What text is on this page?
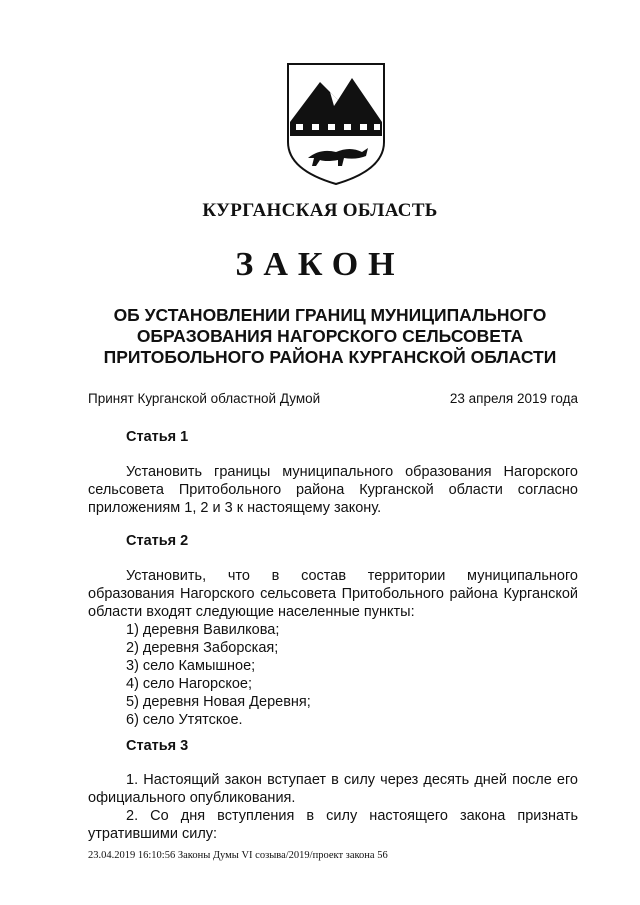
КУРГАНСКАЯ ОБЛАСТЬ
ЗАКОН
ОБ УСТАНОВЛЕНИИ ГРАНИЦ МУНИЦИПАЛЬНОГО
ОБРАЗОВАНИЯ НАГОРСКОГО СЕЛЬСОВЕТА
ПРИТОБОЛЬНОГО РАЙОНА КУРГАНСКОЙ ОБЛАСТИ
Принят Курганской областной Думой	23 апреля 2019 года
Статья 1
Установить границы муниципального образования Нагорского сельсовета Притобольного района Курганской области согласно приложениям 1, 2 и 3 к настоящему закону.
Статья 2
Установить, что в состав территории муниципального образования Нагорского сельсовета Притобольного района Курганской области входят следующие населенные пункты:
1) деревня Вавилкова;
2) деревня Заборская;
3) село Камышное;
4) село Нагорское;
5) деревня Новая Деревня;
6) село Утятское.
Статья 3
1. Настоящий закон вступает в силу через десять дней после его официального опубликования.
2. Со дня вступления в силу настоящего закона признать утратившими силу:
23.04.2019 16:10:56 Законы Думы VI созыва/2019/проект закона 56
